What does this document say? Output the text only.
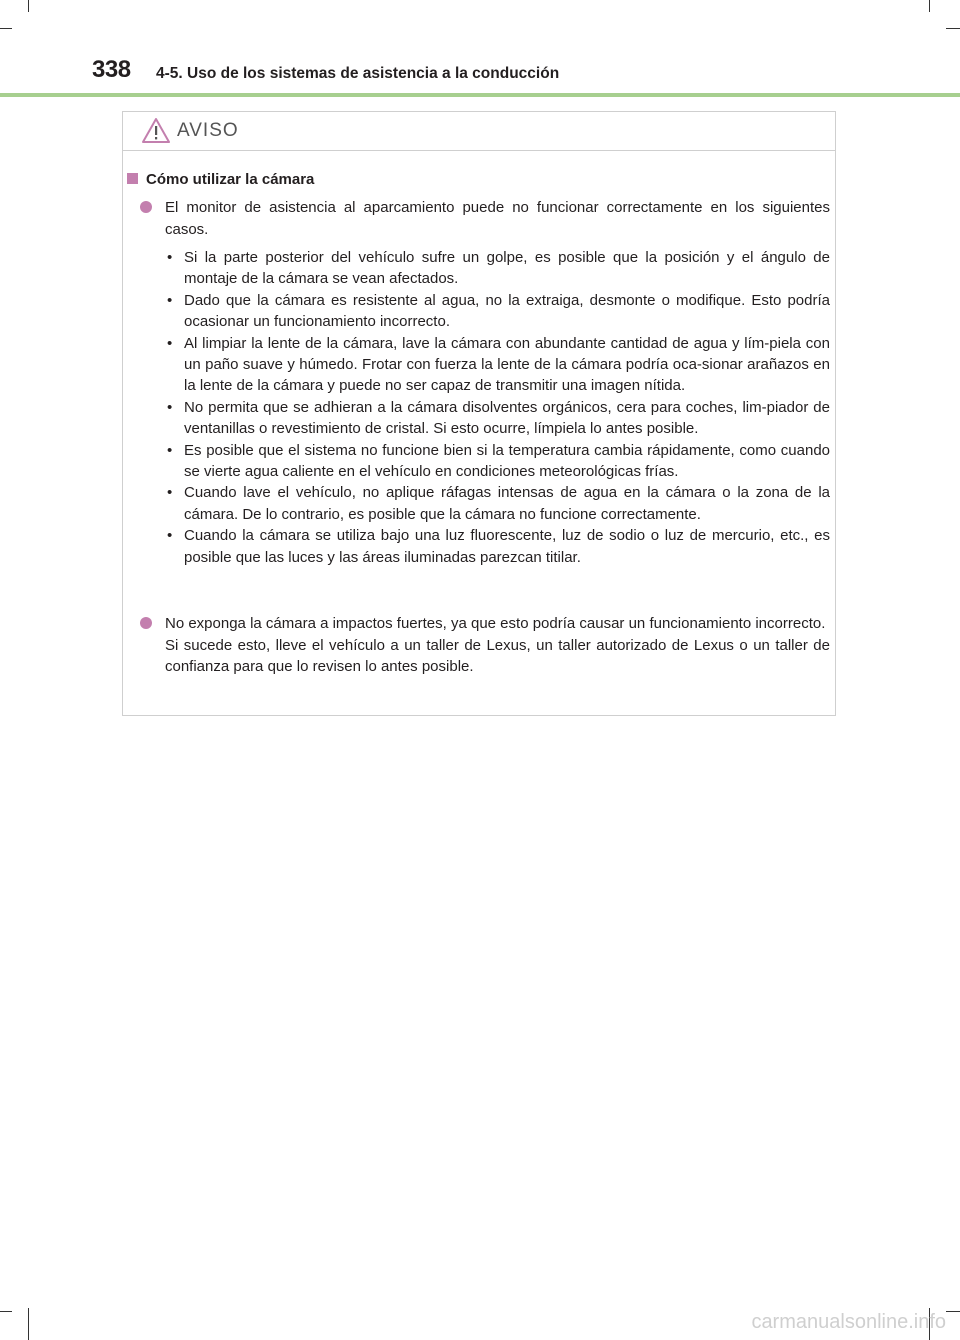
338 4-5. Uso de los sistemas de asistencia a la conducción
AVISO
Cómo utilizar la cámara
El monitor de asistencia al aparcamiento puede no funcionar correctamente en los siguientes casos.
• Si la parte posterior del vehículo sufre un golpe, es posible que la posición y el ángulo de montaje de la cámara se vean afectados.
• Dado que la cámara es resistente al agua, no la extraiga, desmonte o modifique. Esto podría ocasionar un funcionamiento incorrecto.
• Al limpiar la lente de la cámara, lave la cámara con abundante cantidad de agua y lím-piela con un paño suave y húmedo. Frotar con fuerza la lente de la cámara podría oca-sionar arañazos en la lente de la cámara y puede no ser capaz de transmitir una imagen nítida.
• No permita que se adhieran a la cámara disolventes orgánicos, cera para coches, lim-piador de ventanillas o revestimiento de cristal. Si esto ocurre, límpiela lo antes posible.
• Es posible que el sistema no funcione bien si la temperatura cambia rápidamente, como cuando se vierte agua caliente en el vehículo en condiciones meteorológicas frías.
• Cuando lave el vehículo, no aplique ráfagas intensas de agua en la cámara o la zona de la cámara. De lo contrario, es posible que la cámara no funcione correctamente.
• Cuando la cámara se utiliza bajo una luz fluorescente, luz de sodio o luz de mercurio, etc., es posible que las luces y las áreas iluminadas parezcan titilar.
No exponga la cámara a impactos fuertes, ya que esto podría causar un funcionamiento incorrecto.
Si sucede esto, lleve el vehículo a un taller de Lexus, un taller autorizado de Lexus o un taller de confianza para que lo revisen lo antes posible.
carmanualsonline.info
